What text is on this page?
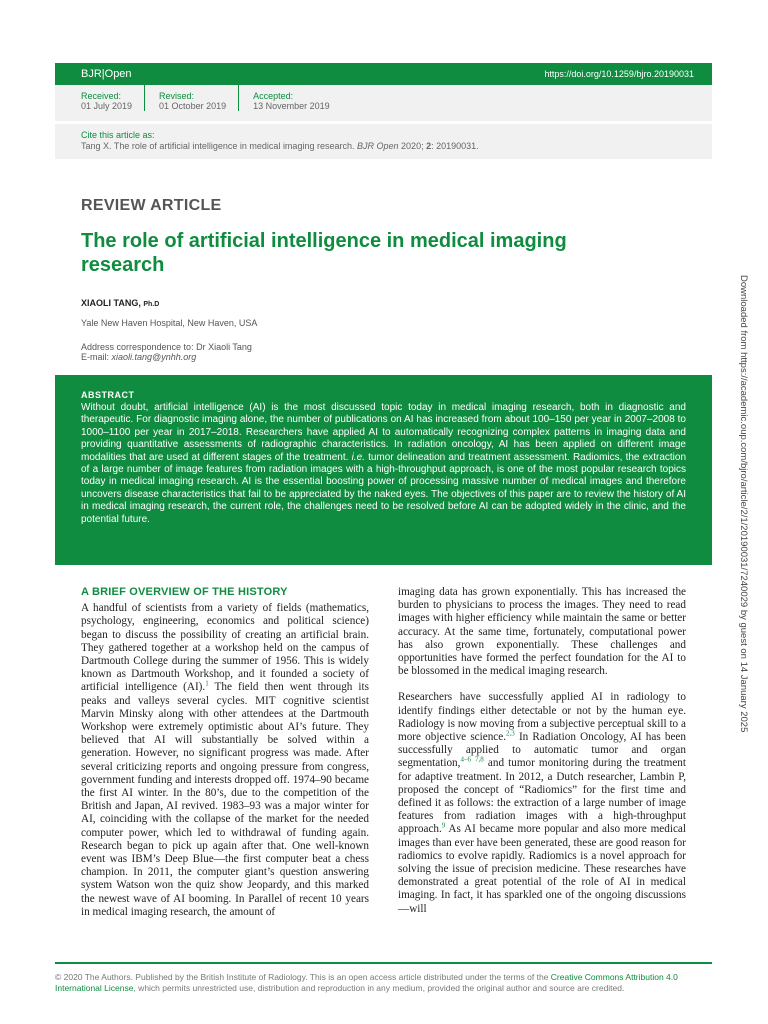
BJR|Open	https://doi.org/10.1259/bjro.20190031
Received:
01 July 2019
Revised:
01 October 2019
Accepted:
13 November 2019
Cite this article as:
Tang X. The role of artificial intelligence in medical imaging research. BJR Open 2020; 2: 20190031.
REVIEW ARTICLE
The role of artificial intelligence in medical imaging research
XIAOLI TANG, Ph.D
Yale New Haven Hospital, New Haven, USA
Address correspondence to: Dr Xiaoli Tang
E-mail: xiaoli.tang@ynhh.org
ABSTRACT
Without doubt, artificial intelligence (AI) is the most discussed topic today in medical imaging research, both in diagnostic and therapeutic. For diagnostic imaging alone, the number of publications on AI has increased from about 100–150 per year in 2007–2008 to 1000–1100 per year in 2017–2018. Researchers have applied AI to automatically recognizing complex patterns in imaging data and providing quantitative assessments of radiographic characteristics. In radiation oncology, AI has been applied on different image modalities that are used at different stages of the treatment. i.e. tumor delineation and treatment assessment. Radiomics, the extraction of a large number of image features from radiation images with a high-throughput approach, is one of the most popular research topics today in medical imaging research. AI is the essential boosting power of processing massive number of medical images and therefore uncovers disease characteristics that fail to be appreciated by the naked eyes. The objectives of this paper are to review the history of AI in medical imaging research, the current role, the challenges need to be resolved before AI can be adopted widely in the clinic, and the potential future.
A BRIEF OVERVIEW OF THE HISTORY

A handful of scientists from a variety of fields (mathematics, psychology, engineering, economics and political science) began to discuss the possibility of creating an artificial brain. They gathered together at a workshop held on the campus of Dartmouth College during the summer of 1956. This is widely known as Dartmouth Workshop, and it founded a society of artificial intelligence (AI).$^1$ The field then went through its peaks and valleys several cycles. MIT cognitive scientist Marvin Minsky along with other attendees at the Dartmouth Workshop were extremely optimistic about AI’s future. They believed that AI will substantially be solved within a generation. However, no significant progress was made. After several criticizing reports and ongoing pressure from congress, government funding and interests dropped off. 1974–90 became the first AI winter. In the 80’s, due to the competition of the British and Japan, AI revived. 1983–93 was a major winter for AI, coinciding with the collapse of the market for the needed computer power, which led to withdrawal of funding again. Research began to pick up again after that. One well-known event was IBM’s Deep Blue—the first computer beat a chess champion. In 2011, the computer giant’s question answering system Watson won the quiz show Jeopardy, and this marked the newest wave of AI booming. In Parallel of recent 10 years in medical imaging research, the amount of

imaging data has grown exponentially. This has increased the burden to physicians to process the images. They need to read images with higher efficiency while maintain the same or better accuracy. At the same time, fortunately, computational power has also grown exponentially. These challenges and opportunities have formed the perfect foundation for the AI to be blossomed in the medical imaging research.

Researchers have successfully applied AI in radiology to identify findings either detectable or not by the human eye. Radiology is now moving from a subjective perceptual skill to a more objective science.$^{2,3}$ In Radiation Oncology, AI has been successfully applied to automatic tumor and organ segmentation,$^{4-6}$ $^{7,8}$ and tumor monitoring during the treatment for adaptive treatment. In 2012, a Dutch researcher, Lambin P, proposed the concept of “Radiomics” for the first time and defined it as follows: the extraction of a large number of image features from radiation images with a high-throughput approach.$^9$ As AI became more popular and also more medical images than ever have been generated, these are good reason for radiomics to evolve rapidly. Radiomics is a novel approach for solving the issue of precision medicine. These researches have demonstrated a great potential of the role of AI in medical imaging. In fact, it has sparkled one of the ongoing discussions—will

© 2020 The Authors. Published by the British Institute of Radiology. This is an open access article distributed under the terms of the Creative Commons Attribution 4.0 International License, which permits unrestricted use, distribution and reproduction in any medium, provided the original author and source are credited.
Downloaded from https://academic.oup.com/bjro/article/2/1/20190031/7240029 by guest on 14 January 2025
